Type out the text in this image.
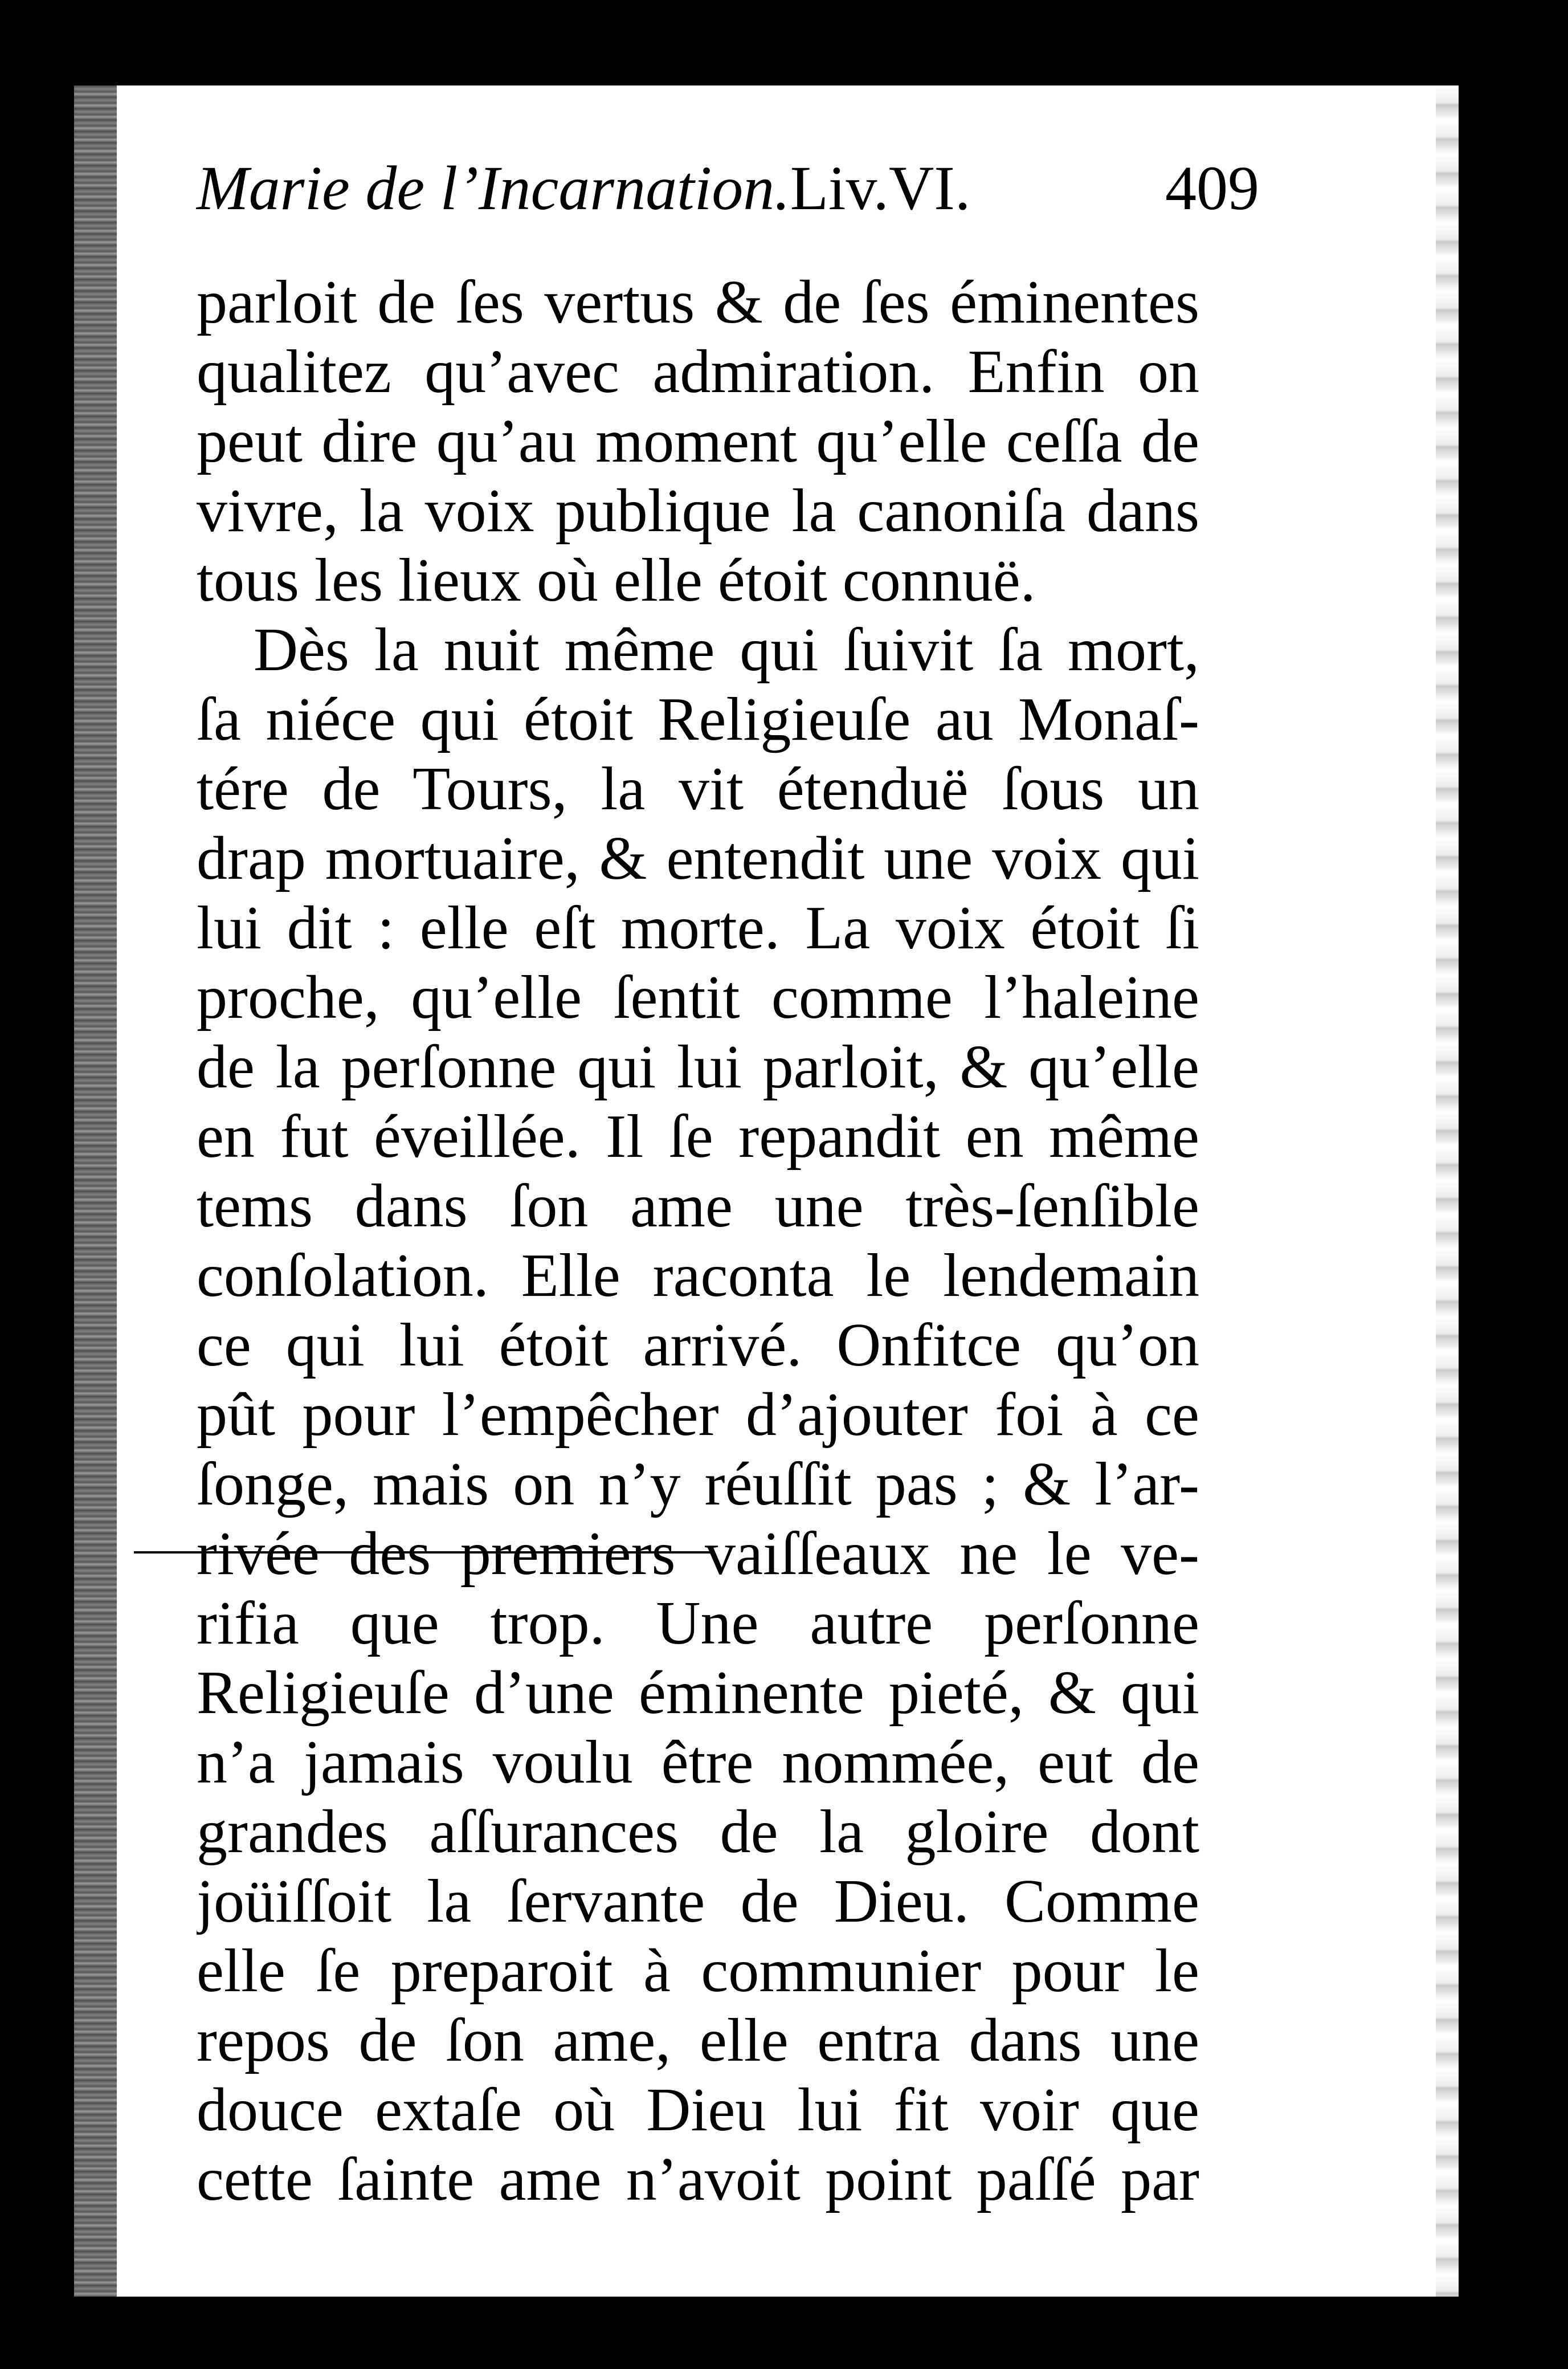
Marie de l’Incarnation.Liv.VI.	409
parloit de ſes vertus & de ſes éminentes
qualitez qu’avec admiration. Enfin on
peut dire qu’au moment qu’elle ceſſa de
vivre, la voix publique la canoniſa dans
tous les lieux où elle étoit connuë.
Dès la nuit même qui ſuivit ſa mort,
ſa niéce qui étoit Religieuſe au Monaſ-
tére de Tours, la vit étenduë ſous un
drap mortuaire, & entendit une voix qui
lui dit : elle eſt morte. La voix étoit ſi
proche, qu’elle ſentit comme l’haleine
de la perſonne qui lui parloit, & qu’elle
en fut éveillée. Il ſe repandit en même
tems dans ſon ame une très-ſenſible
conſolation. Elle raconta le lendemain
ce qui lui étoit arrivé. Onfitce qu’on
pût pour l’empêcher d’ajouter foi à ce
ſonge, mais on n’y réuſſit pas ; & l’ar-
rivée des premiers vaiſſeaux ne le ve-
rifia que trop. Une autre perſonne
Religieuſe d’une éminente pieté, & qui
n’a jamais voulu être nommée, eut de
grandes aſſurances de la gloire dont
joüiſſoit la ſervante de Dieu. Comme
elle ſe preparoit à communier pour le
repos de ſon ame, elle entra dans une
douce extaſe où Dieu lui fit voir que
cette ſainte ame n’avoit point paſſé par
